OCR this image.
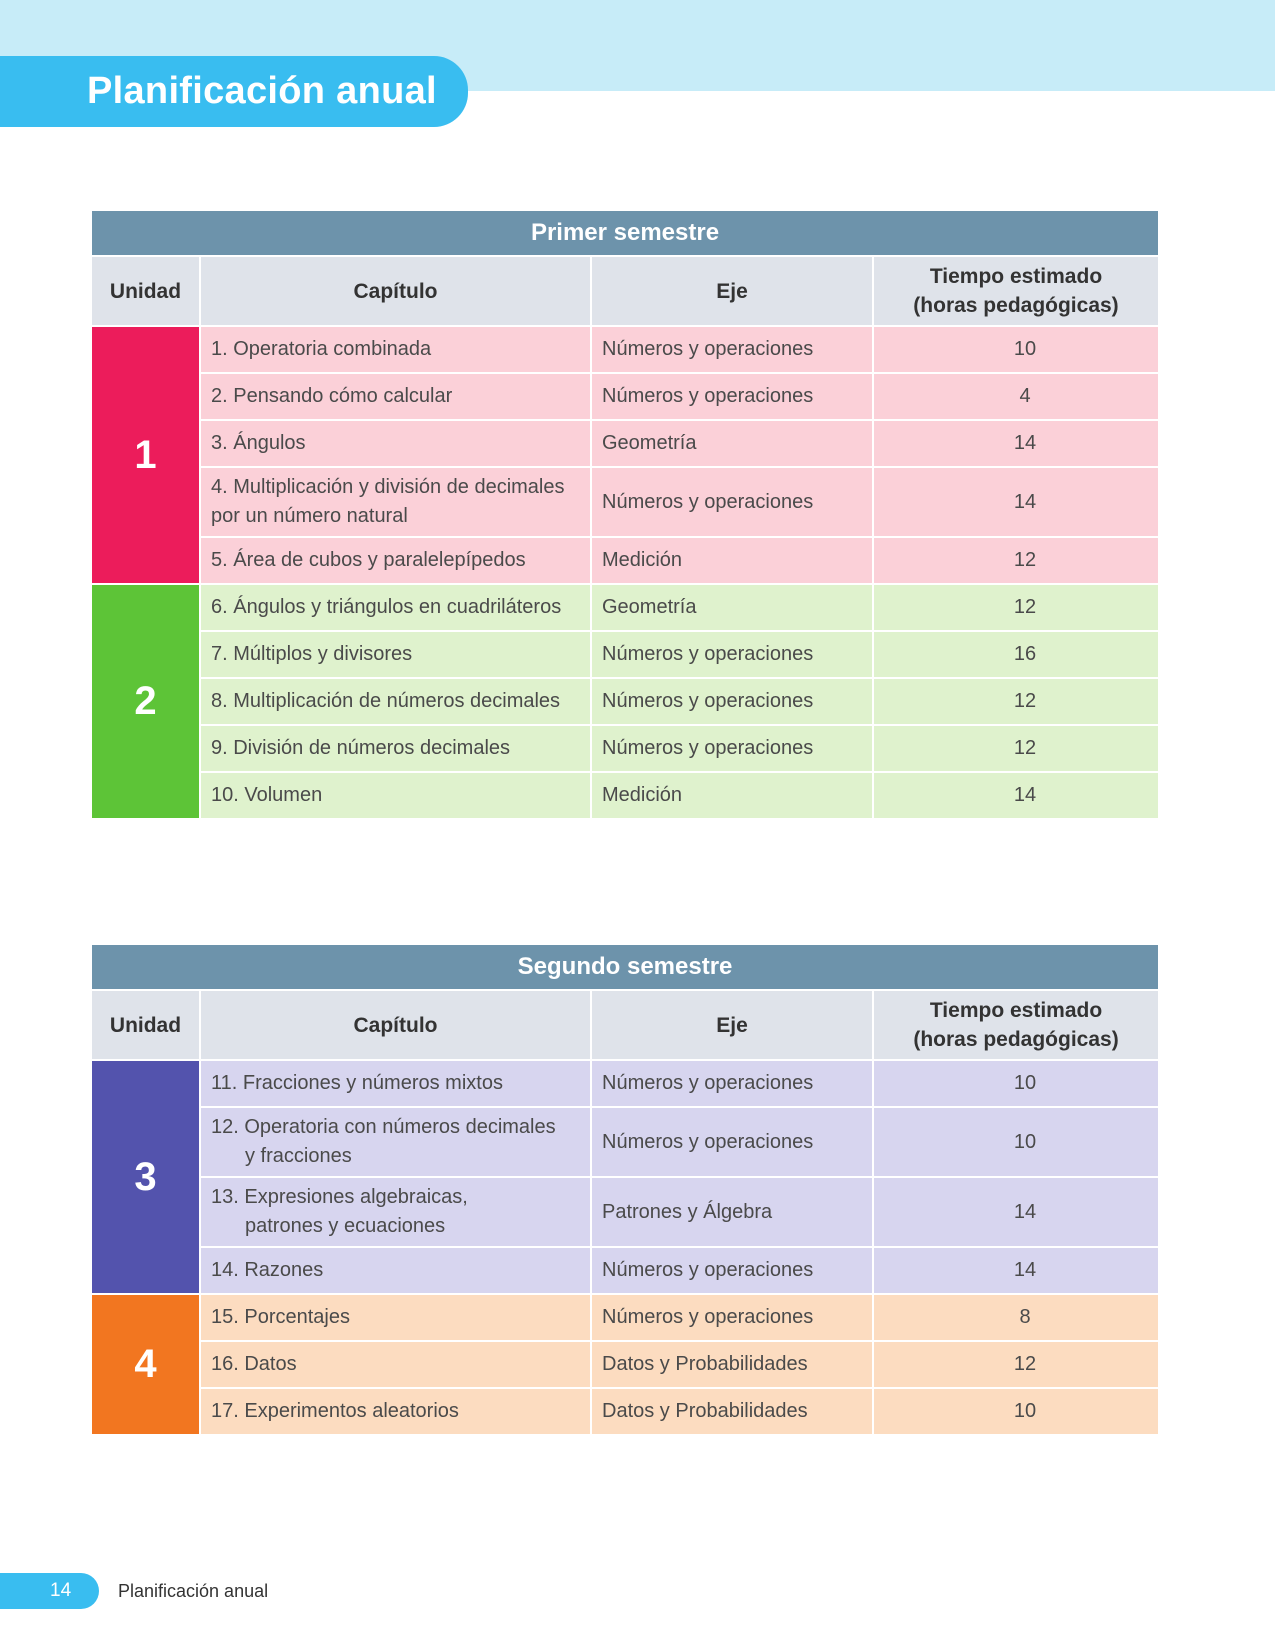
Planificación anual
Primer semestre			
Unidad	Capítulo	Eje	Tiempo estimado
(horas pedagógicas)

1	1. Operatoria combinada	Números y operaciones	10
	2. Pensando cómo calcular	Números y operaciones	4
	3. Ángulos	Geometría	14

	4. Multiplicación y división de decimales
por un número natural	Números y operaciones	14
	5. Área de cubos y paralelepípedos	Medición	12
2	6. Ángulos y triángulos en cuadriláteros	Geometría	12
	7. Múltiplos y divisores	Números y operaciones	16
	8. Multiplicación de números decimales	Números y operaciones	12
	9. División de números decimales	Números y operaciones	12
	10. Volumen	Medición	14
Segundo semestre			
Unidad	Capítulo	Eje	Tiempo estimado
(horas pedagógicas)

3	11. Fracciones y números mixtos	Números y operaciones	10

	12. Operatoria con números decimales
y fracciones	Números y operaciones	10

	13. Expresiones algebraicas,
patrones y ecuaciones	Patrones y Álgebra	14
	14. Razones	Números y operaciones	14
4	15. Porcentajes	Números y operaciones	8
	16. Datos	Datos y Probabilidades	12
	17. Experimentos aleatorios	Datos y Probabilidades	10
14	Planificación anual
